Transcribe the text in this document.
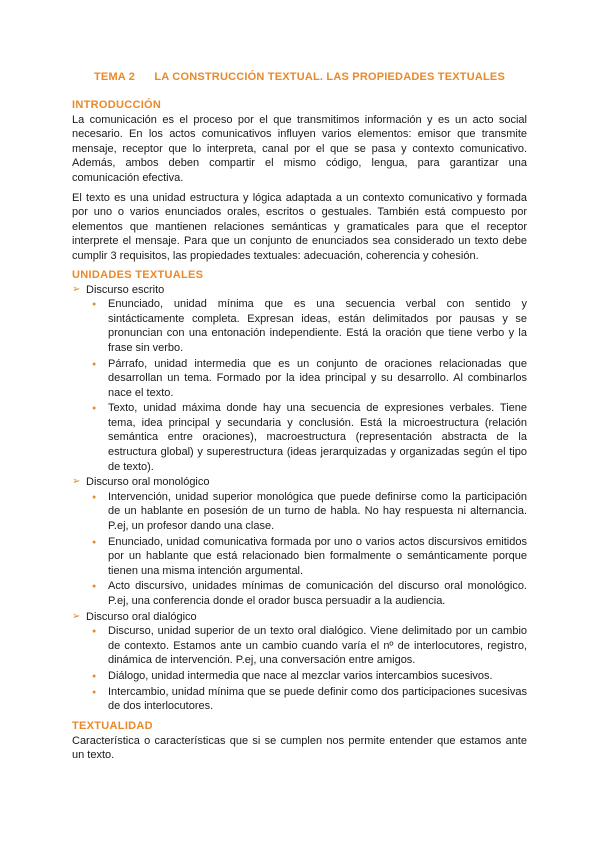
TEMA 2 LA CONSTRUCCIÓN TEXTUAL. LAS PROPIEDADES TEXTUALES
INTRODUCCIÓN

La comunicación es el proceso por el que transmitimos información y es un acto social necesario. En los actos comunicativos influyen varios elementos: emisor que transmite mensaje, receptor que lo interpreta, canal por el que se pasa y contexto comunicativo. Además, ambos deben compartir el mismo código, lengua, para garantizar una comunicación efectiva.

El texto es una unidad estructura y lógica adaptada a un contexto comunicativo y formada por uno o varios enunciados orales, escritos o gestuales. También está compuesto por elementos que mantienen relaciones semánticas y gramaticales para que el receptor interprete el mensaje. Para que un conjunto de enunciados sea considerado un texto debe cumplir 3 requisitos, las propiedades textuales: adecuación, coherencia y cohesión.

UNIDADES TEXTUALES
➢ Discurso escrito
● Enunciado, unidad mínima que es una secuencia verbal con sentido y sintácticamente completa. Expresan ideas, están delimitados por pausas y se pronuncian con una entonación independiente. Está la oración que tiene verbo y la frase sin verbo.
● Párrafo, unidad intermedia que es un conjunto de oraciones relacionadas que desarrollan un tema. Formado por la idea principal y su desarrollo. Al combinarlos nace el texto.
● Texto, unidad máxima donde hay una secuencia de expresiones verbales. Tiene tema, idea principal y secundaria y conclusión. Está la microestructura (relación semántica entre oraciones), macroestructura (representación abstracta de la estructura global) y superestructura (ideas jerarquizadas y organizadas según el tipo de texto).
➢ Discurso oral monológico
● Intervención, unidad superior monológica que puede definirse como la participación de un hablante en posesión de un turno de habla. No hay respuesta ni alternancia. P.ej, un profesor dando una clase.
● Enunciado, unidad comunicativa formada por uno o varios actos discursivos emitidos por un hablante que está relacionado bien formalmente o semánticamente porque tienen una misma intención argumental.
● Acto discursivo, unidades mínimas de comunicación del discurso oral monológico. P.ej, una conferencia donde el orador busca persuadir a la audiencia.
➢ Discurso oral dialógico
● Discurso, unidad superior de un texto oral dialógico. Viene delimitado por un cambio de contexto. Estamos ante un cambio cuando varía el nº de interlocutores, registro, dinámica de intervención. P.ej, una conversación entre amigos.
● Diálogo, unidad intermedia que nace al mezclar varios intercambios sucesivos.
● Intercambio, unidad mínima que se puede definir como dos participaciones sucesivas de dos interlocutores.
TEXTUALIDAD

Característica o características que si se cumplen nos permite entender que estamos ante un texto.
